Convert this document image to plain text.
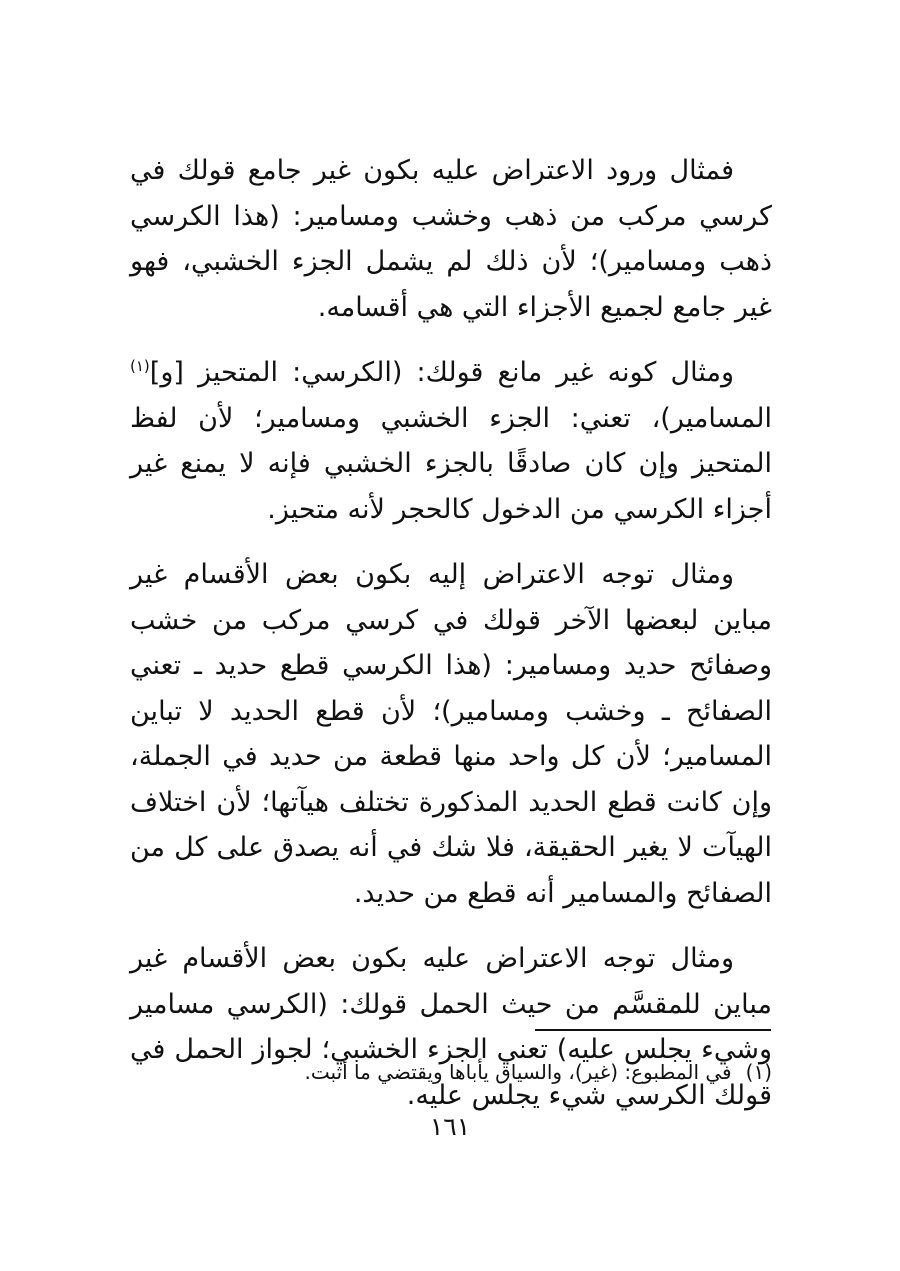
فمثال ورود الاعتراض عليه بكون غير جامع قولك في كرسي مركب من ذهب وخشب ومسامير: (هذا الكرسي ذهب ومسامير)؛ لأن ذلك لم يشمل الجزء الخشبي، فهو غير جامع لجميع الأجزاء التي هي أقسامه.

ومثال كونه غير مانع قولك: (الكرسي: المتحيز [و]$^{(١)}$ المسامير)، تعني: الجزء الخشبي ومسامير؛ لأن لفظ المتحيز وإن كان صادقًا بالجزء الخشبي فإنه لا يمنع غير أجزاء الكرسي من الدخول كالحجر لأنه متحيز.

ومثال توجه الاعتراض إليه بكون بعض الأقسام غير مباين لبعضها الآخر قولك في كرسي مركب من خشب وصفائح حديد ومسامير: (هذا الكرسي قطع حديد ـ تعني الصفائح ـ وخشب ومسامير)؛ لأن قطع الحديد لا تباين المسامير؛ لأن كل واحد منها قطعة من حديد في الجملة، وإن كانت قطع الحديد المذكورة تختلف هيآتها؛ لأن اختلاف الهيآت لا يغير الحقيقة، فلا شك في أنه يصدق على كل من الصفائح والمسامير أنه قطع من حديد.

ومثال توجه الاعتراض عليه بكون بعض الأقسام غير مباين للمقسَّم من حيث الحمل قولك: (الكرسي مسامير وشيء يجلس عليه) تعني الجزء الخشبي؛ لجواز الحمل في قولك الكرسي شيء يجلس عليه.

(١)في المطبوع: (غير)، والسياق يأباها ويقتضي ما أثبت.
١٦١
